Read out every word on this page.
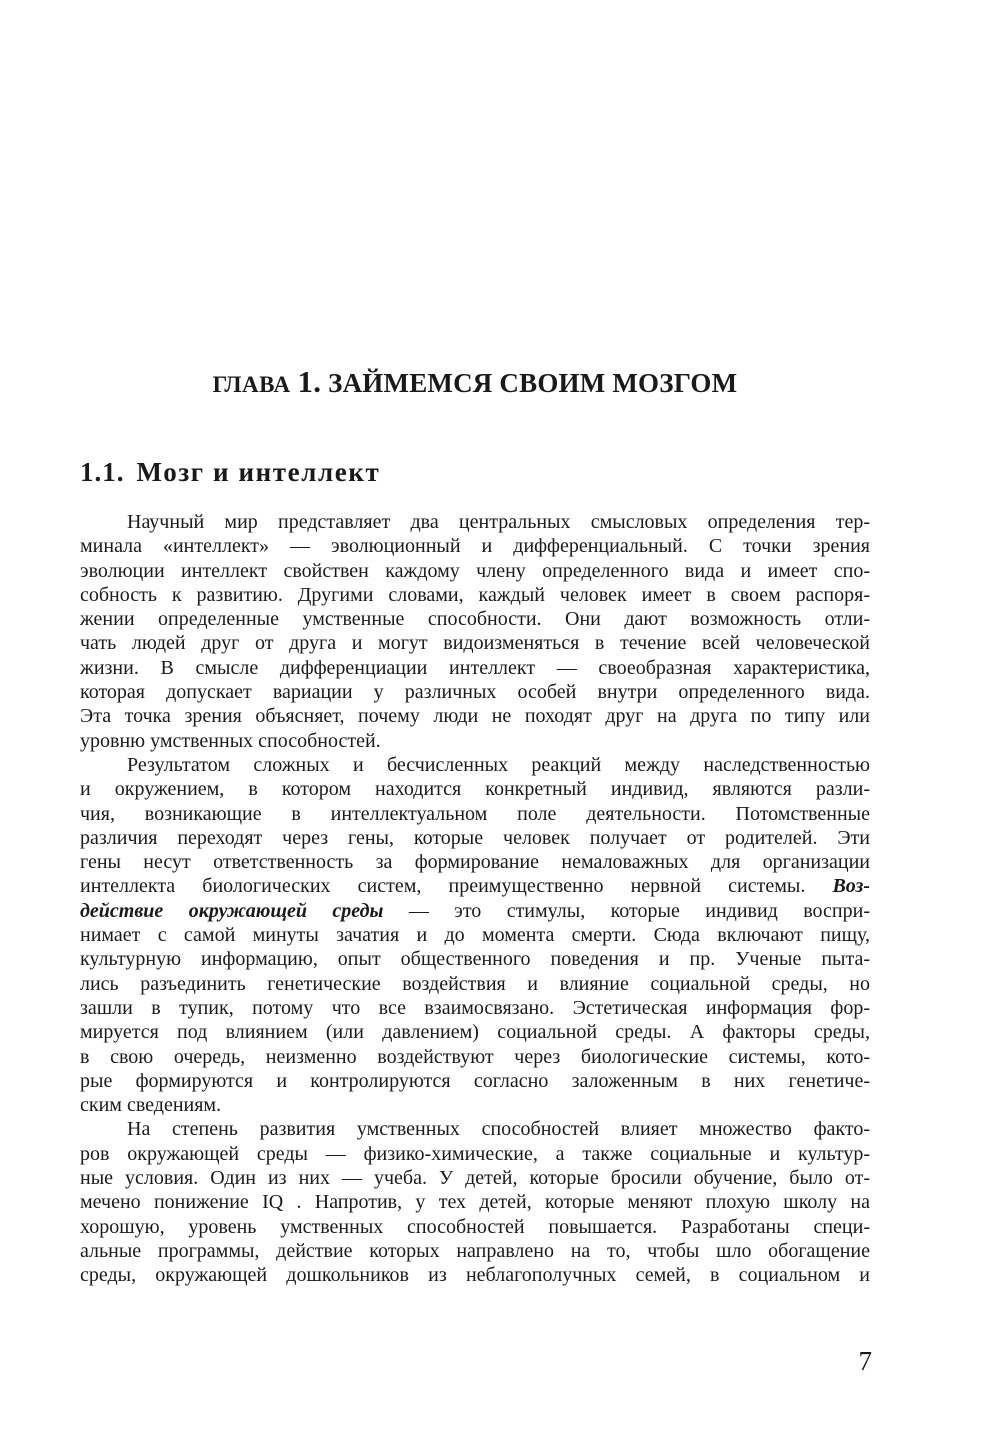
ГЛАВА 1. ЗАЙМЕМСЯ СВОИМ МОЗГОМ
1.1. Мозг и интеллект
Научный мир представляет два центральных смысловых определения тер-
минала «интеллект» — эволюционный и дифференциальный. С точки зрения
эволюции интеллект свойствен каждому члену определенного вида и имеет спо-
собность к развитию. Другими словами, каждый человек имеет в своем распоря-
жении определенные умственные способности. Они дают возможность отли-
чать людей друг от друга и могут видоизменяться в течение всей человеческой
жизни. В смысле дифференциации интеллект — своеобразная характеристика,
которая допускает вариации у различных особей внутри определенного вида.
Эта точка зрения объясняет, почему люди не походят друг на друга по типу или
уровню умственных способностей.
Результатом сложных и бесчисленных реакций между наследственностью
и окружением, в котором находится конкретный индивид, являются разли-
чия, возникающие в интеллектуальном поле деятельности. Потомственные
различия переходят через гены, которые человек получает от родителей. Эти
гены несут ответственность за формирование немаловажных для организации
интеллекта биологических систем, преимущественно нервной системы. Воз-
действие окружающей среды — это стимулы, которые индивид воспри-
нимает с самой минуты зачатия и до момента смерти. Сюда включают пищу,
культурную информацию, опыт общественного поведения и пр. Ученые пыта-
лись разъединить генетические воздействия и влияние социальной среды, но
зашли в тупик, потому что все взаимосвязано. Эстетическая информация фор-
мируется под влиянием (или давлением) социальной среды. А факторы среды,
в свою очередь, неизменно воздействуют через биологические системы, кото-
рые формируются и контролируются согласно заложенным в них генетиче-
ским сведениям.
На степень развития умственных способностей влияет множество факто-
ров окружающей среды — физико-химические, а также социальные и культур-
ные условия. Один из них — учеба. У детей, которые бросили обучение, было от-
мечено понижение IQ . Напротив, у тех детей, которые меняют плохую школу на
хорошую, уровень умственных способностей повышается. Разработаны специ-
альные программы, действие которых направлено на то, чтобы шло обогащение
среды, окружающей дошкольников из неблагополучных семей, в социальном и
7
